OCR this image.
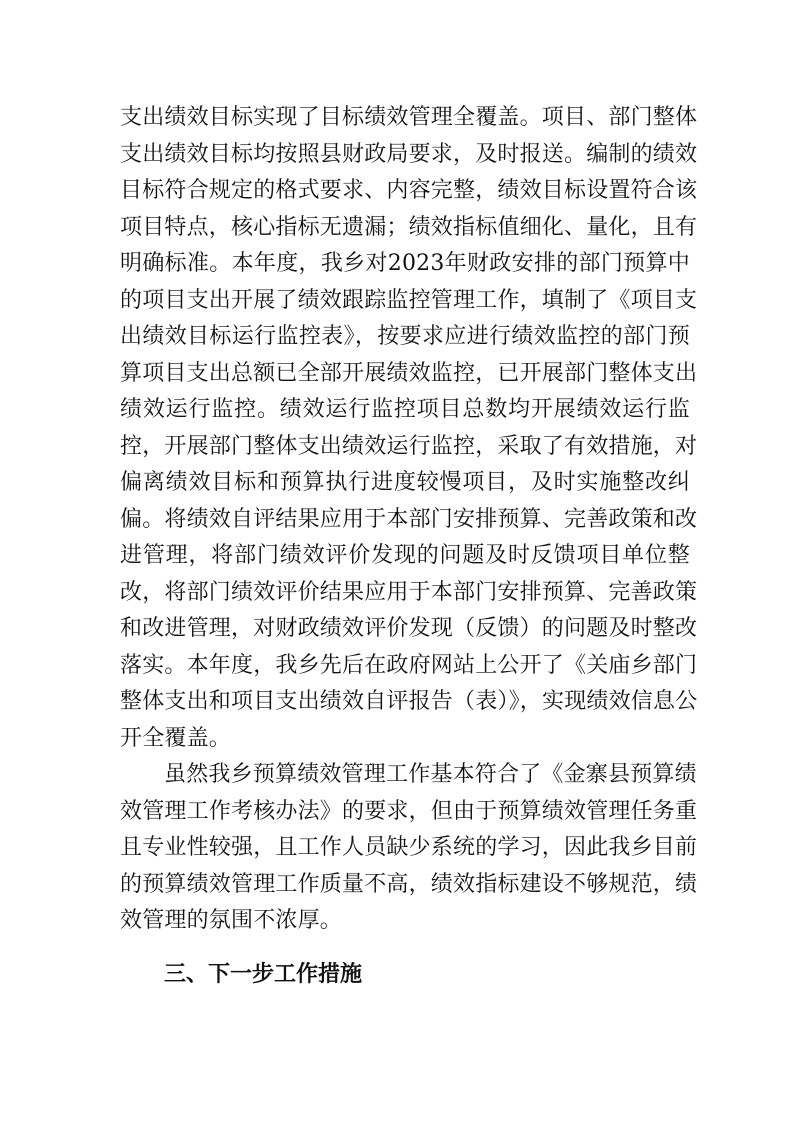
支出绩效目标实现了目标绩效管理全覆盖。项目、部门整体
支出绩效目标均按照县财政局要求，及时报送。编制的绩效
目标符合规定的格式要求、内容完整，绩效目标设置符合该
项目特点，核心指标无遗漏；绩效指标值细化、量化，且有
明确标准。本年度，我乡对2023年财政安排的部门预算中
的项目支出开展了绩效跟踪监控管理工作，填制了《项目支
出绩效目标运行监控表》，按要求应进行绩效监控的部门预
算项目支出总额已全部开展绩效监控，已开展部门整体支出
绩效运行监控。绩效运行监控项目总数均开展绩效运行监
控，开展部门整体支出绩效运行监控，采取了有效措施，对
偏离绩效目标和预算执行进度较慢项目，及时实施整改纠
偏。将绩效自评结果应用于本部门安排预算、完善政策和改
进管理，将部门绩效评价发现的问题及时反馈项目单位整
改，将部门绩效评价结果应用于本部门安排预算、完善政策
和改进管理，对财政绩效评价发现（反馈）的问题及时整改
落实。本年度，我乡先后在政府网站上公开了《关庙乡部门
整体支出和项目支出绩效自评报告（表）》，实现绩效信息公
开全覆盖。
虽然我乡预算绩效管理工作基本符合了《金寨县预算绩
效管理工作考核办法》的要求，但由于预算绩效管理任务重
且专业性较强，且工作人员缺少系统的学习，因此我乡目前
的预算绩效管理工作质量不高，绩效指标建设不够规范，绩
效管理的氛围不浓厚。
三、下一步工作措施
